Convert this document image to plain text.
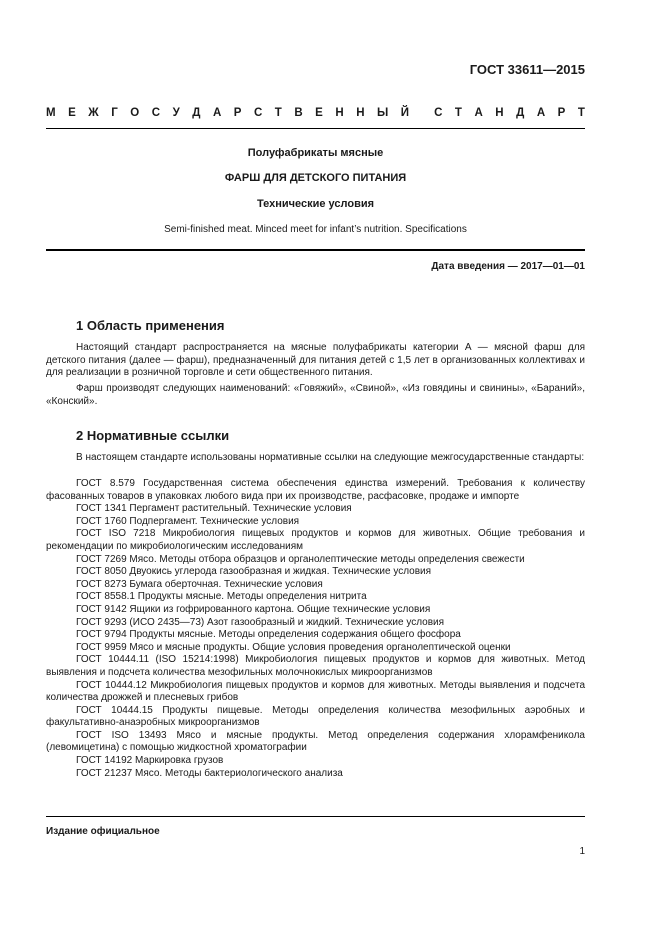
ГОСТ 33611—2015
М Е Ж Г О С У Д А Р С Т В Е Н Н Ы Й С Т А Н Д А Р Т
Полуфабрикаты мясные
ФАРШ ДЛЯ ДЕТСКОГО ПИТАНИЯ
Технические условия
Semi-finished meat. Minced meet for infant’s nutrition. Specifications
Дата введения — 2017—01—01
1 Область применения

Настоящий стандарт распространяется на мясные полуфабрикаты категории А — мясной фарш для детского питания (далее — фарш), предназначенный для питания детей с 1,5 лет в организованных коллективах и для реализации в розничной торговле и сети общественного питания.

Фарш производят следующих наименований: «Говяжий», «Свиной», «Из говядины и свинины», «Бараний», «Конский».

2 Нормативные ссылки

В настоящем стандарте использованы нормативные ссылки на следующие межгосударственные стандарты:

ГОСТ 8.579 Государственная система обеспечения единства измерений. Требования к количеству фасованных товаров в упаковках любого вида при их производстве, расфасовке, продаже и импорте

ГОСТ 1341 Пергамент растительный. Технические условия

ГОСТ 1760 Подпергамент. Технические условия

ГОСТ ISO 7218 Микробиология пищевых продуктов и кормов для животных. Общие требования и рекомендации по микробиологическим исследованиям

ГОСТ 7269 Мясо. Методы отбора образцов и органолептические методы определения свежести

ГОСТ 8050 Двуокись углерода газообразная и жидкая. Технические условия

ГОСТ 8273 Бумага оберточная. Технические условия

ГОСТ 8558.1 Продукты мясные. Методы определения нитрита

ГОСТ 9142 Ящики из гофрированного картона. Общие технические условия

ГОСТ 9293 (ИСО 2435—73) Азот газообразный и жидкий. Технические условия

ГОСТ 9794 Продукты мясные. Методы определения содержания общего фосфора

ГОСТ 9959 Мясо и мясные продукты. Общие условия проведения органолептической оценки

ГОСТ 10444.11 (ISO 15214:1998) Микробиология пищевых продуктов и кормов для животных. Метод выявления и подсчета количества мезофильных молочнокислых микроорганизмов

ГОСТ 10444.12 Микробиология пищевых продуктов и кормов для животных. Методы выявления и подсчета количества дрожжей и плесневых грибов

ГОСТ 10444.15 Продукты пищевые. Методы определения количества мезофильных аэробных и факультативно-анаэробных микроорганизмов

ГОСТ ISO 13493 Мясо и мясные продукты. Метод определения содержания хлорамфеникола (левомицетина) с помощью жидкостной хроматографии

ГОСТ 14192 Маркировка грузов

ГОСТ 21237 Мясо. Методы бактериологического анализа

Издание официальное
1
